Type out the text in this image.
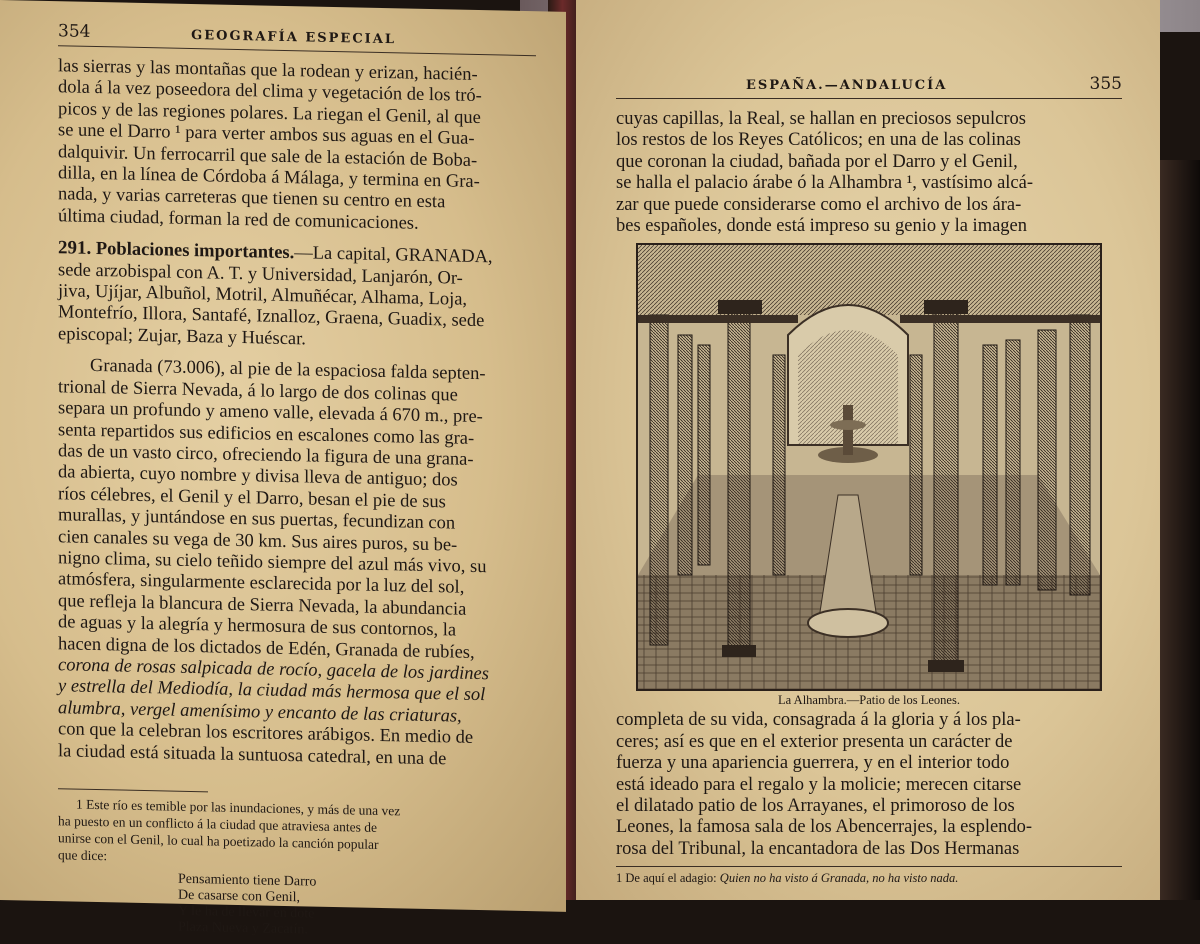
354	GEOGRAFÍA ESPECIAL
las sierras y las montañas que la rodean y erizan, hacién-
dola á la vez poseedora del clima y vegetación de los tró-
picos y de las regiones polares. La riegan el Genil, al que
se une el Darro ¹ para verter ambos sus aguas en el Gua-
dalquivir. Un ferrocarril que sale de la estación de Boba-
dilla, en la línea de Córdoba á Málaga, y termina en Gra-
nada, y varias carreteras que tienen su centro en esta
última ciudad, forman la red de comunicaciones.
291. Poblaciones importantes.—La capital, GRANADA,
sede arzobispal con A. T. y Universidad, Lanjarón, Or-
jiva, Ujíjar, Albuñol, Motril, Almuñécar, Alhama, Loja,
Montefrío, Illora, Santafé, Iznalloz, Graena, Guadix, sede
episcopal; Zujar, Baza y Huéscar.
Granada (73.006), al pie de la espaciosa falda septen-
trional de Sierra Nevada, á lo largo de dos colinas que
separa un profundo y ameno valle, elevada á 670 m., pre-
senta repartidos sus edificios en escalones como las gra-
das de un vasto circo, ofreciendo la figura de una grana-
da abierta, cuyo nombre y divisa lleva de antiguo; dos
ríos célebres, el Genil y el Darro, besan el pie de sus
murallas, y juntándose en sus puertas, fecundizan con
cien canales su vega de 30 km. Sus aires puros, su be-
nigno clima, su cielo teñido siempre del azul más vivo, su
atmósfera, singularmente esclarecida por la luz del sol,
que refleja la blancura de Sierra Nevada, la abundancia
de aguas y la alegría y hermosura de sus contornos, la
hacen digna de los dictados de Edén, Granada de rubíes,
corona de rosas salpicada de rocío, gacela de los jardines
y estrella del Mediodía, la ciudad más hermosa que el sol
alumbra, vergel amenísimo y encanto de las criaturas,
con que la celebran los escritores arábigos. En medio de
la ciudad está situada la suntuosa catedral, en una de
1 Este río es temible por las inundaciones, y más de una vez
ha puesto en un conflicto á la ciudad que atraviesa antes de
unirse con el Genil, lo cual ha poetizado la canción popular
que dice:
Pensamiento tiene Darro
De casarse con Genil,
Y le ha de llevar en dote
Plaza Nueva y Zacatín.
ESPAÑA.—ANDALUCÍA	355
cuyas capillas, la Real, se hallan en preciosos sepulcros
los restos de los Reyes Católicos; en una de las colinas
que coronan la ciudad, bañada por el Darro y el Genil,
se halla el palacio árabe ó la Alhambra ¹, vastísimo alcá-
zar que puede considerarse como el archivo de los ára-
bes españoles, donde está impreso su genio y la imagen
La Alhambra.—Patio de los Leones.
completa de su vida, consagrada á la gloria y á los pla-
ceres; así es que en el exterior presenta un carácter de
fuerza y una apariencia guerrera, y en el interior todo
está ideado para el regalo y la molicie; merecen citarse
el dilatado patio de los Arrayanes, el primoroso de los
Leones, la famosa sala de los Abencerrajes, la esplendo-
rosa del Tribunal, la encantadora de las Dos Hermanas
1 De aquí el adagio: Quien no ha visto á Granada, no ha visto nada.
